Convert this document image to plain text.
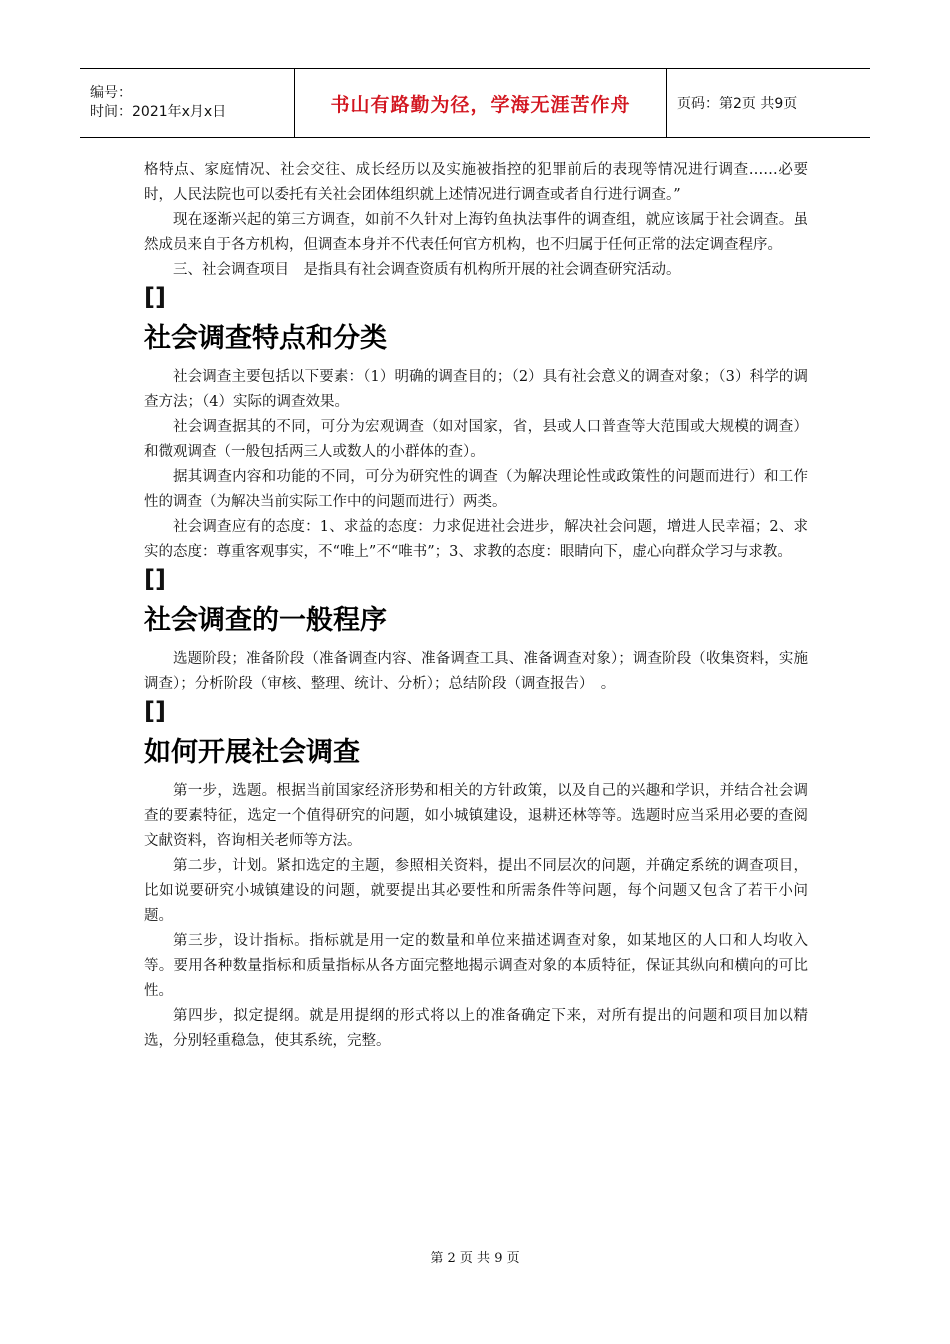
编号：
时间：2021年x月x日	书山有路勤为径，学海无涯苦作舟	页码：第2页 共9页
格特点、家庭情况、社会交往、成长经历以及实施被指控的犯罪前后的表现等情况进行调查……必要时，人民法院也可以委托有关社会团体组织就上述情况进行调查或者自行进行调查。”
现在逐渐兴起的第三方调查，如前不久针对上海钓鱼执法事件的调查组，就应该属于社会调查。虽然成员来自于各方机构，但调查本身并不代表任何官方机构，也不归属于任何正常的法定调查程序。
三、社会调查项目　是指具有社会调查资质有机构所开展的社会调查研究活动。
[]
社会调查特点和分类
社会调查主要包括以下要素：（1）明确的调查目的；（2）具有社会意义的调查对象；（3）科学的调查方法；（4）实际的调查效果。
社会调查据其的不同，可分为宏观调查（如对国家，省，县或人口普查等大范围或大规模的调查）和微观调查（一般包括两三人或数人的小群体的查）。
据其调查内容和功能的不同，可分为研究性的调查（为解决理论性或政策性的问题而进行）和工作性的调查（为解决当前实际工作中的问题而进行）两类。
社会调查应有的态度：1、求益的态度：力求促进社会进步，解决社会问题，增进人民幸福；2、求实的态度：尊重客观事实，不“唯上”不“唯书”；3、求教的态度：眼睛向下，虚心向群众学习与求教。
[]
社会调查的一般程序
选题阶段；准备阶段（准备调查内容、准备调查工具、准备调查对象）；调查阶段（收集资料，实施调查）；分析阶段（审核、整理、统计、分析）；总结阶段（调查报告）　。
[]
如何开展社会调查
第一步，选题。根据当前国家经济形势和相关的方针政策，以及自己的兴趣和学识，并结合社会调查的要素特征，选定一个值得研究的问题，如小城镇建设，退耕还林等等。选题时应当采用必要的查阅文献资料，咨询相关老师等方法。
第二步，计划。紧扣选定的主题，参照相关资料，提出不同层次的问题，并确定系统的调查项目，比如说要研究小城镇建设的问题，就要提出其必要性和所需条件等问题，每个问题又包含了若干小问题。
第三步，设计指标。指标就是用一定的数量和单位来描述调查对象，如某地区的人口和人均收入等。要用各种数量指标和质量指标从各方面完整地揭示调查对象的本质特征，保证其纵向和横向的可比性。
第四步，拟定提纲。就是用提纲的形式将以上的准备确定下来，对所有提出的问题和项目加以精选，分别轻重稳急，使其系统，完整。
第 2 页 共 9 页
